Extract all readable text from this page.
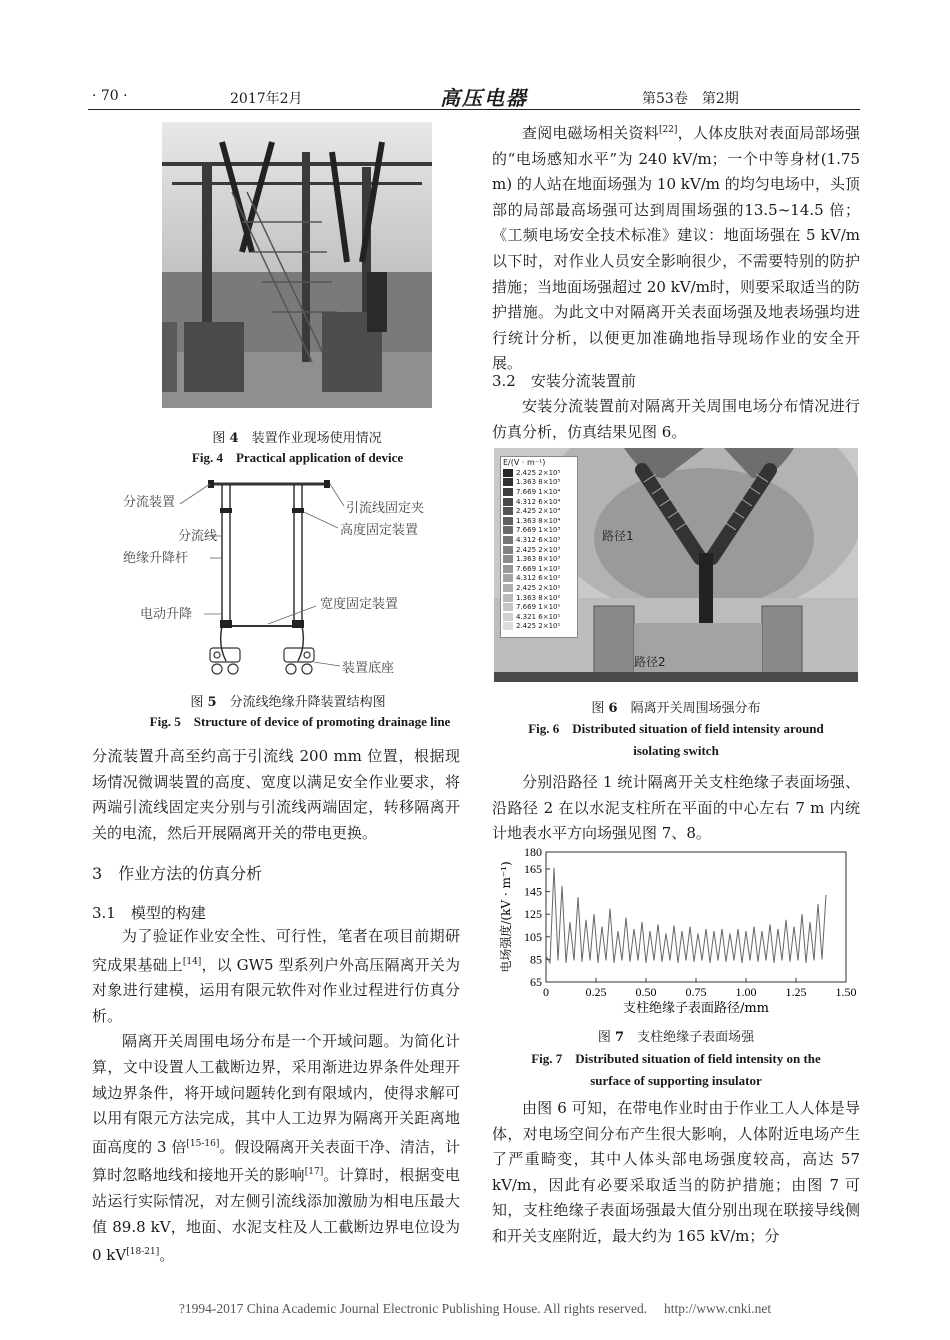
· 70 ·	2017年2月	高压电器	第53卷　第2期
图 4　 装置作业现场使用情况
Fig. 4　Practical application of device
分流装置
分流线
绝缘升降杆
电动升降
引流线固定夹
高度固定装置
宽度固定装置
装置底座
图 5　 分流线绝缘升降装置结构图
Fig. 5　Structure of device of promoting drainage line

分流装置升高至约高于引流线 200 mm 位置，根据现场情况微调装置的高度、宽度以满足安全作业要求，将两端引流线固定夹分别与引流线两端固定，转移隔离开关的电流，然后开展隔离开关的带电更换。

3　作业方法的仿真分析
3.1　模型的构建

为了验证作业安全性、可行性，笔者在项目前期研究成果基础上[14]，以 GW5 型系列户外高压隔离开关为对象进行建模，运用有限元软件对作业过程进行仿真分析。

隔离开关周围电场分布是一个开域问题。为简化计算，文中设置人工截断边界，采用渐进边界条件处理开域边界条件，将开域问题转化到有限域内，使得求解可以用有限元方法完成，其中人工边界为隔离开关距离地面高度的 3 倍[15-16]。假设隔离开关表面干净、清洁，计算时忽略地线和接地开关的影响[17]。计算时，根据变电站运行实际情况，对左侧引流线添加激励为相电压最大值 89.8 kV，地面、水泥支柱及人工截断边界电位设为 0 kV[18-21]。

查阅电磁场相关资料[22]，人体皮肤对表面局部场强的“电场感知水平”为 240 kV/m；一个中等身材(1.75 m) 的人站在地面场强为 10 kV/m 的均匀电场中，头顶部的局部最高场强可达到周围场强的13.5~14.5 倍；《工频电场安全技术标准》建议：地面场强在 5 kV/m 以下时，对作业人员安全影响很少，不需要特别的防护措施；当地面场强超过 20 kV/m时，则要采取适当的防护措施。为此文中对隔离开关表面场强及地表场强均进行统计分析，以便更加准确地指导现场作业的安全开展。

3.2　安装分流装置前

安装分流装置前对隔离开关周围电场分布情况进行仿真分析，仿真结果见图 6。

路径1
路径2
E/(V · m⁻¹)
2.425 2×10⁵
1.363 8×10⁵
7.669 1×10⁴
4.312 6×10⁴
2.425 2×10⁴
1.363 8×10⁴
7.669 1×10³
4.312 6×10³
2.425 2×10³
1.363 8×10³
7.669 1×10²
4.312 6×10²
2.425 2×10²
1.363 8×10²
7.669 1×10¹
4.321 6×10¹
2.425 2×10¹
图 6　 隔离开关周围场强分布
Fig. 6　Distributed situation of field intensity around
isolating switch

分别沿路径 1 统计隔离开关支柱绝缘子表面场强、沿路径 2 在以水泥支柱所在平面的中心左右 7 m 内统计地表水平方向场强见图 7、8。

65
85
105
125
145
165
180
0	0.25 0.50 0.75 1.00 1.25 1.50
支柱绝缘子表面路径/mm
电场强度/(kV · m⁻¹)
图 7　 支柱绝缘子表面场强
Fig. 7　Distributed situation of field intensity on the
surface of supporting insulator

由图 6 可知，在带电作业时由于作业工人人体是导体，对电场空间分布产生很大影响，人体附近电场产生了严重畸变，其中人体头部电场强度较高，高达 57 kV/m，因此有必要采取适当的防护措施；由图 7 可知，支柱绝缘子表面场强最大值分别出现在联接导线侧和开关支座附近，最大约为 165 kV/m；分

?1994-2017 China Academic Journal Electronic Publishing House. All rights reserved.　 http://www.cnki.net
